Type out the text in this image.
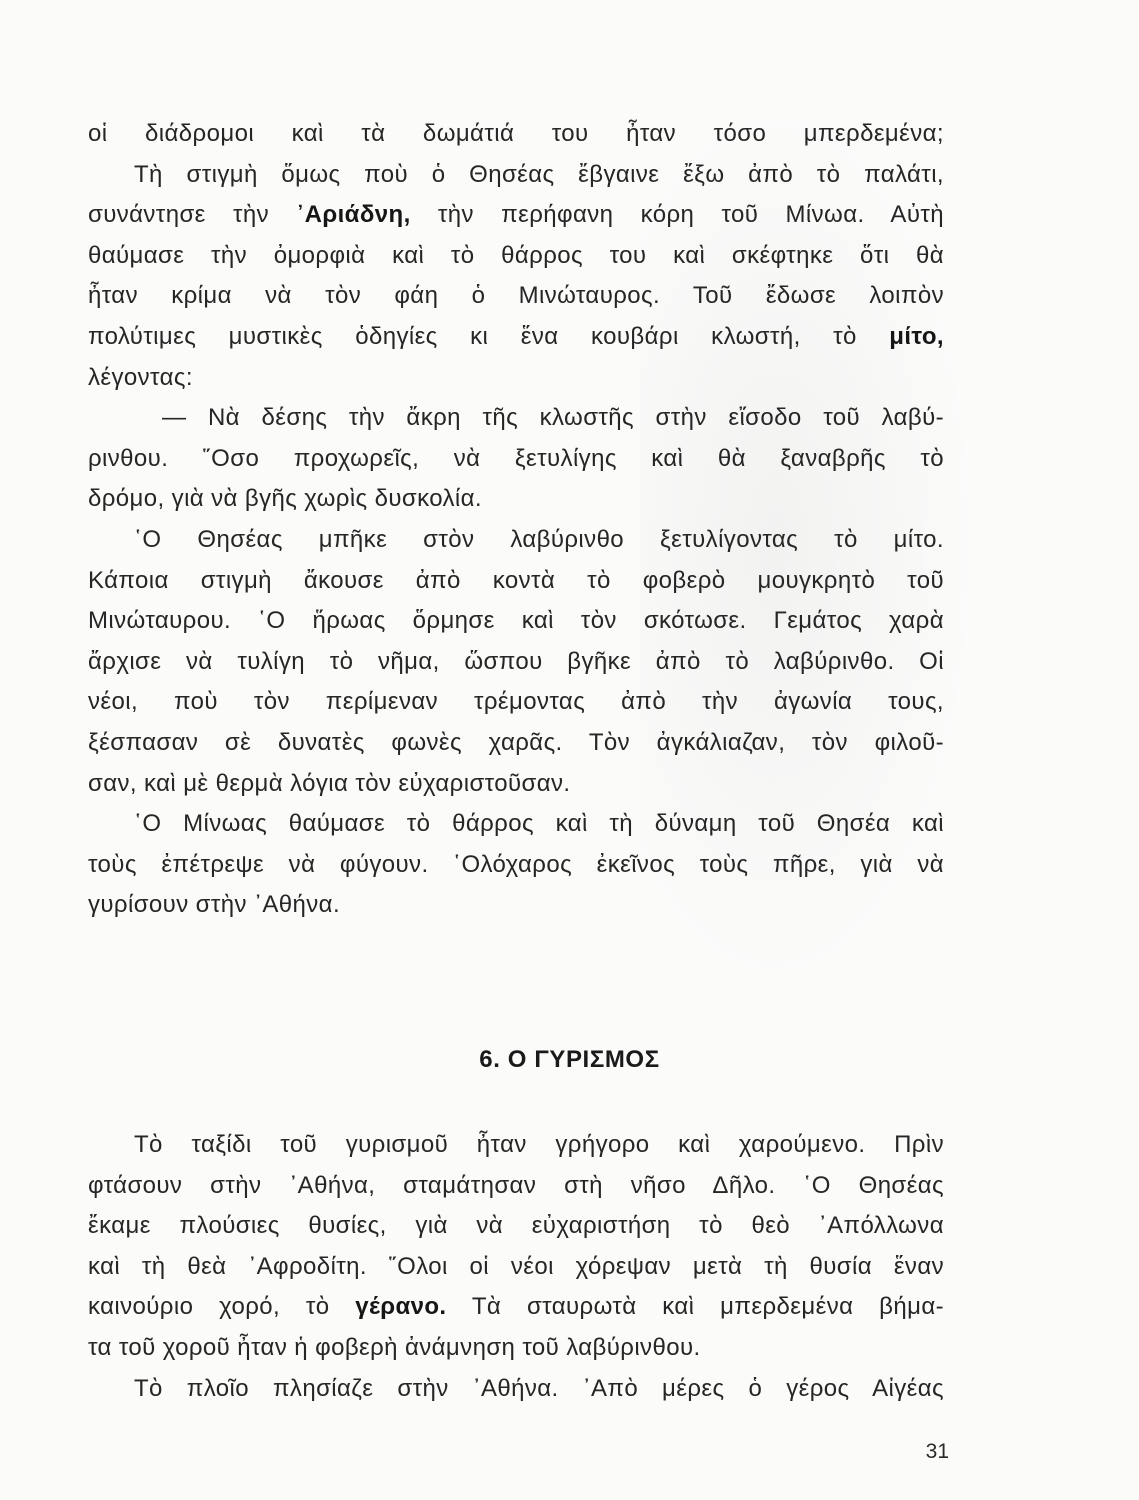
οἱ διάδρομοι καὶ τὰ δωμάτιά του ἦταν τόσο μπερδεμένα;
Τὴ στιγμὴ ὅμως ποὺ ὁ Θησέας ἔβγαινε ἔξω ἀπὸ τὸ παλάτι,
συνάντησε τὴν ᾿Αριάδνη, τὴν περήφανη κόρη τοῦ Μίνωα. Αὐτὴ
θαύμασε τὴν ὀμορφιὰ καὶ τὸ θάρρος του καὶ σκέφτηκε ὅτι θὰ
ἦταν κρίμα νὰ τὸν φάη ὁ Μινώταυρος. Τοῦ ἔδωσε λοιπὸν
πολύτιμες μυστικὲς ὁδηγίες κι ἕνα κουβάρι κλωστή, τὸ μίτο,
λέγοντας:
— Νὰ δέσης τὴν ἄκρη τῆς κλωστῆς στὴν εἴσοδο τοῦ λαβύ-
ρινθου. ῞Οσο προχωρεῖς, νὰ ξετυλίγης καὶ θὰ ξαναβρῆς τὸ
δρόμο, γιὰ νὰ βγῆς χωρὶς δυσκολία.
῾Ο Θησέας μπῆκε στὸν λαβύρινθο ξετυλίγοντας τὸ μίτο.
Κάποια στιγμὴ ἄκουσε ἀπὸ κοντὰ τὸ φοβερὸ μουγκρητὸ τοῦ
Μινώταυρου. ῾Ο ἥρωας ὅρμησε καὶ τὸν σκότωσε. Γεμάτος χαρὰ
ἄρχισε νὰ τυλίγη τὸ νῆμα, ὥσπου βγῆκε ἀπὸ τὸ λαβύρινθο. Οἱ
νέοι, ποὺ τὸν περίμεναν τρέμοντας ἀπὸ τὴν ἀγωνία τους,
ξέσπασαν σὲ δυνατὲς φωνὲς χαρᾶς. Τὸν ἀγκάλιαζαν, τὸν φιλοῦ-
σαν, καὶ μὲ θερμὰ λόγια τὸν εὐχαριστοῦσαν.
῾Ο Μίνωας θαύμασε τὸ θάρρος καὶ τὴ δύναμη τοῦ Θησέα καὶ
τοὺς ἐπέτρεψε νὰ φύγουν. ῾Ολόχαρος ἐκεῖνος τοὺς πῆρε, γιὰ νὰ
γυρίσουν στὴν ᾿Αθήνα.
6. Ο ΓΥΡΙΣΜΟΣ
Τὸ ταξίδι τοῦ γυρισμοῦ ἦταν γρήγορο καὶ χαρούμενο. Πρὶν
φτάσουν στὴν ᾿Αθήνα, σταμάτησαν στὴ νῆσο Δῆλο. ῾Ο Θησέας
ἔκαμε πλούσιες θυσίες, γιὰ νὰ εὐχαριστήση τὸ θεὸ ᾿Απόλλωνα
καὶ τὴ θεὰ ᾿Αφροδίτη. ῞Ολοι οἱ νέοι χόρεψαν μετὰ τὴ θυσία ἕναν
καινούριο χορό, τὸ γέρανο. Τὰ σταυρωτὰ καὶ μπερδεμένα βήμα-
τα τοῦ χοροῦ ἦταν ἡ φοβερὴ ἀνάμνηση τοῦ λαβύρινθου.
Τὸ πλοῖο πλησίαζε στὴν ᾿Αθήνα. ᾿Απὸ μέρες ὁ γέρος Αἰγέας
31
